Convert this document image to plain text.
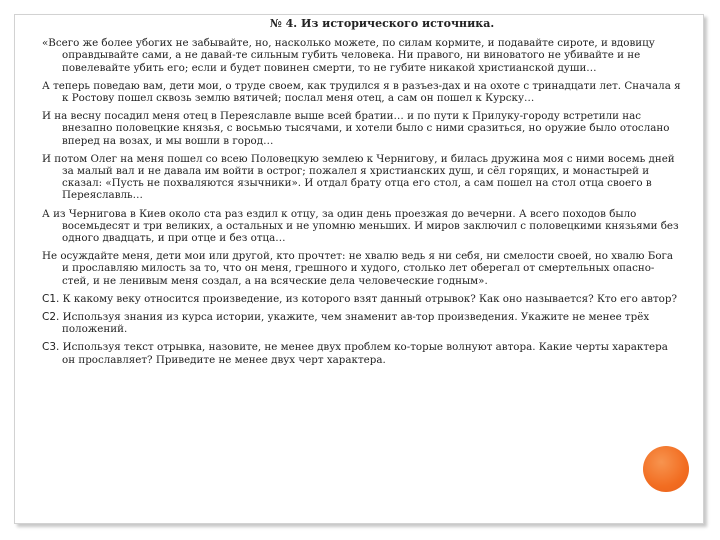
№ 4. Из исторического источника.
«Всего же более убогих не забывайте, но, насколько можете, по силам кормите, и подавайте сироте, и вдовицу оправдывайте сами, а не давай-те сильным губить человека. Ни правого, ни виноватого не убивайте и не повелевайте убить его; если и будет повинен смерти, то не губите никакой христианской души…
А теперь поведаю вам, дети мои, о труде своем, как трудился я в разъез-дах и на охоте с тринадцати лет. Сначала я к Ростову пошел сквозь землю вятичей; послал меня отец, а сам он пошел к Курску…
И на весну посадил меня отец в Переяславле выше всей братии… и по пути к Прилуку-городу встретили нас внезапно половецкие князья, с восьмью тысячами, и хотели было с ними сразиться, но оружие было отослано вперед на возах, и мы вошли в город…
И потом Олег на меня пошел со всею Половецкую землею к Чернигову, и билась дружина моя с ними восемь дней за малый вал и не давала им войти в острог; пожалел я христианских душ, и сёл горящих, и монастырей и сказал: «Пусть не похваляются язычники». И отдал брату отца его стол, а сам пошел на стол отца своего в Переяславль…
А из Чернигова в Киев около ста раз ездил к отцу, за один день проезжая до вечерни. А всего походов было восемьдесят и три великих, а остальных и не упомню меньших. И миров заключил с половецкими князьями без одного двадцать, и при отце и без отца…
Не осуждайте меня, дети мои или другой, кто прочтет: не хвалю ведь я ни себя, ни смелости своей, но хвалю Бога и прославляю милость за то, что он меня, грешного и худого, столько лет оберегал от смертельных опасно-стей, и не ленивым меня создал, а на всяческие дела человеческие годным».
С1. К какому веку относится произведение, из которого взят данный отрывок? Как оно называется? Кто его автор?
С2. Используя знания из курса истории, укажите, чем знаменит ав-тор произведения. Укажите не менее трёх положений.
С3. Используя текст отрывка, назовите, не менее двух проблем ко-торые волнуют автора. Какие черты характера он прославляет? Приведите не менее двух черт характера.
